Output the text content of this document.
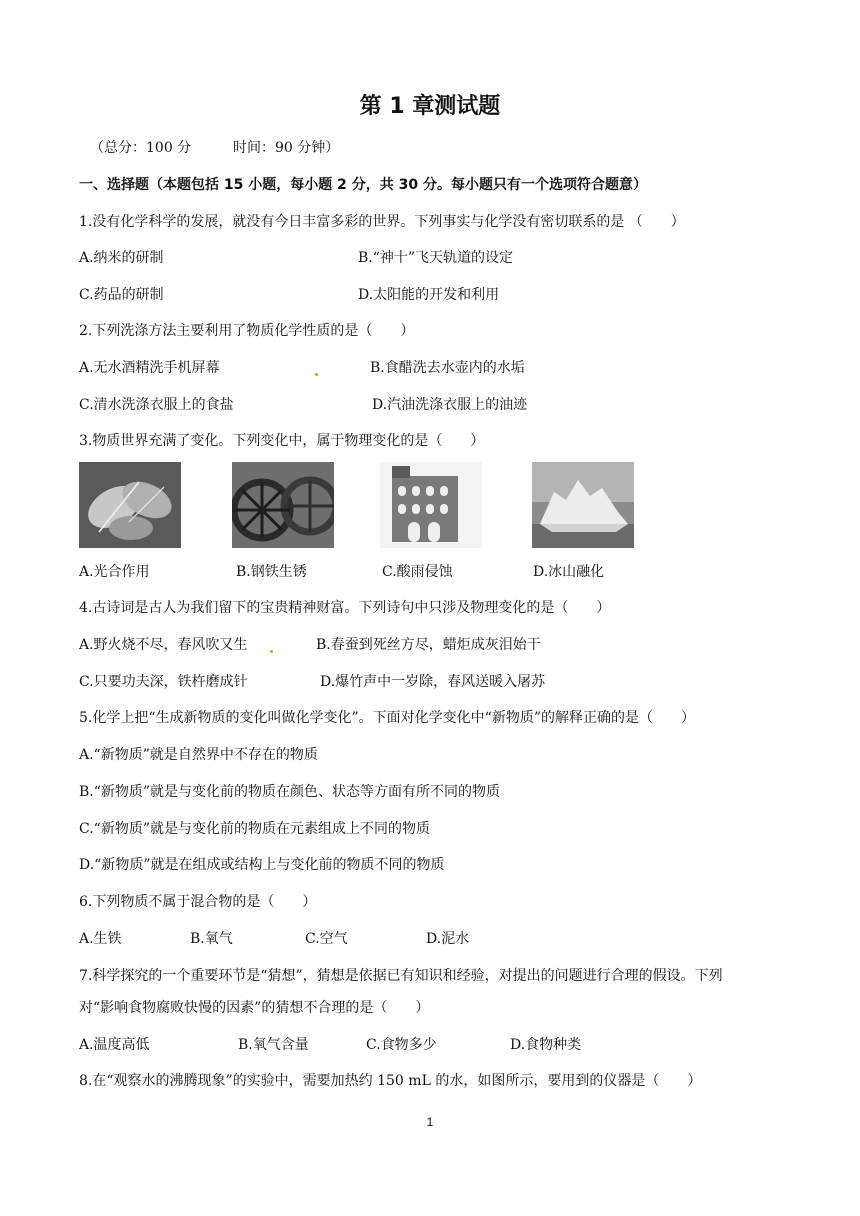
第 1 章测试题
（总分：100 分	时间：90 分钟）
一、选择题（本题包括 15 小题，每小题 2 分，共 30 分。每小题只有一个选项符合题意）
1.没有化学科学的发展，就没有今日丰富多彩的世界。下列事实与化学没有密切联系的是 （　　）
A.纳米的研制	B.“神十”飞天轨道的设定
C.药品的研制	D.太阳能的开发和利用
2.下列洗涤方法主要利用了物质化学性质的是（　　）
A.无水酒精洗手机屏幕	B.食醋洗去水壶内的水垢
C.清水洗涤衣服上的食盐	D.汽油洗涤衣服上的油迹
3.物质世界充满了变化。下列变化中，属于物理变化的是（　　）
A.光合作用	B.钢铁生锈	C.酸雨侵蚀	D.冰山融化
4.古诗词是古人为我们留下的宝贵精神财富。下列诗句中只涉及物理变化的是（　　）
A.野火烧不尽，春风吹又生	B.春蚕到死丝方尽，蜡炬成灰泪始干
C.只要功夫深，铁杵磨成针	D.爆竹声中一岁除，春风送暖入屠苏
5.化学上把“生成新物质的变化叫做化学变化”。下面对化学变化中“新物质”的解释正确的是（　　）
A.“新物质”就是自然界中不存在的物质
B.“新物质”就是与变化前的物质在颜色、状态等方面有所不同的物质
C.“新物质”就是与变化前的物质在元素组成上不同的物质
D.“新物质”就是在组成或结构上与变化前的物质不同的物质
6.下列物质不属于混合物的是（　　）
A.生铁	B.氧气	C.空气	D.泥水
7.科学探究的一个重要环节是“猜想”，猜想是依据已有知识和经验，对提出的问题进行合理的假设。下列
对“影响食物腐败快慢的因素”的猜想不合理的是（　　）
A.温度高低	B.氧气含量	C.食物多少	D.食物种类
8.在“观察水的沸腾现象”的实验中，需要加热约 150 mL 的水，如图所示，要用到的仪器是（　　）
1
